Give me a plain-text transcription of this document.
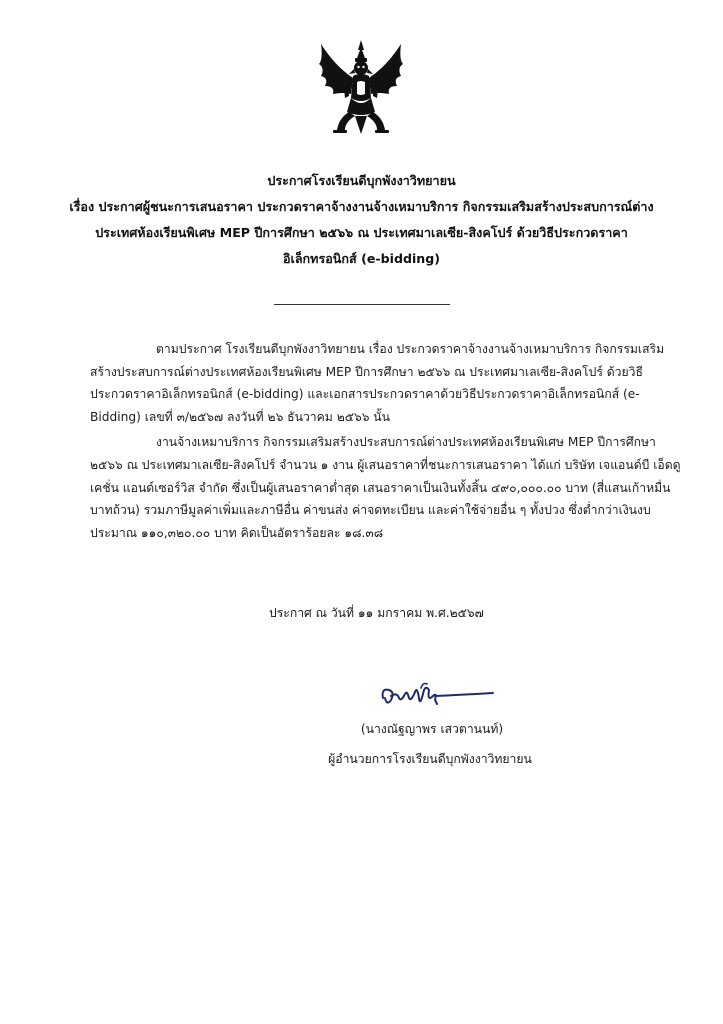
ประกาศโรงเรียนดีบุกพังงาวิทยายน
เรื่อง ประกาศผู้ชนะการเสนอราคา ประกวดราคาจ้างงานจ้างเหมาบริการ กิจกรรมเสริมสร้างประสบการณ์ต่าง
ประเทศห้องเรียนพิเศษ MEP ปีการศึกษา ๒๕๖๖ ณ ประเทศมาเลเซีย-สิงคโปร์ ด้วยวิธีประกวดราคา
อิเล็กทรอนิกส์ (e-bidding)
ตามประกาศ โรงเรียนดีบุกพังงาวิทยายน เรื่อง ประกวดราคาจ้างงานจ้างเหมาบริการ กิจกรรมเสริม
สร้างประสบการณ์ต่างประเทศห้องเรียนพิเศษ MEP ปีการศึกษา ๒๕๖๖ ณ ประเทศมาเลเซีย-สิงคโปร์ ด้วยวิธี
ประกวดราคาอิเล็กทรอนิกส์ (e-bidding) และเอกสารประกวดราคาด้วยวิธีประกวดราคาอิเล็กทรอนิกส์ (e-
Bidding) เลขที่ ๓/๒๕๖๗ ลงวันที่ ๒๖ ธันวาคม ๒๕๖๖ นั้น
งานจ้างเหมาบริการ กิจกรรมเสริมสร้างประสบการณ์ต่างประเทศห้องเรียนพิเศษ MEP ปีการศึกษา
๒๕๖๖ ณ ประเทศมาเลเซีย-สิงคโปร์ จำนวน ๑ งาน ผู้เสนอราคาที่ชนะการเสนอราคา ได้แก่ บริษัท เจแอนด์บี เอ็ดดู
เคชั่น แอนด์เซอร์วิส จำกัด ซึ่งเป็นผู้เสนอราคาต่ำสุด เสนอราคาเป็นเงินทั้งสิ้น ๔๙๐,๐๐๐.๐๐ บาท (สี่แสนเก้าหมื่น
บาทถ้วน) รวมภาษีมูลค่าเพิ่มและภาษีอื่น ค่าขนส่ง ค่าจดทะเบียน และค่าใช้จ่ายอื่น ๆ ทั้งปวง ซึ่งต่ำกว่าเงินงบ
ประมาณ ๑๑๐,๓๒๐.๐๐ บาท คิดเป็นอัตราร้อยละ ๑๘.๓๘
ประกาศ ณ วันที่ ๑๑ มกราคม พ.ศ.๒๕๖๗
(นางณัฐญาพร เสวตานนท์)
ผู้อำนวยการโรงเรียนดีบุกพังงาวิทยายน
